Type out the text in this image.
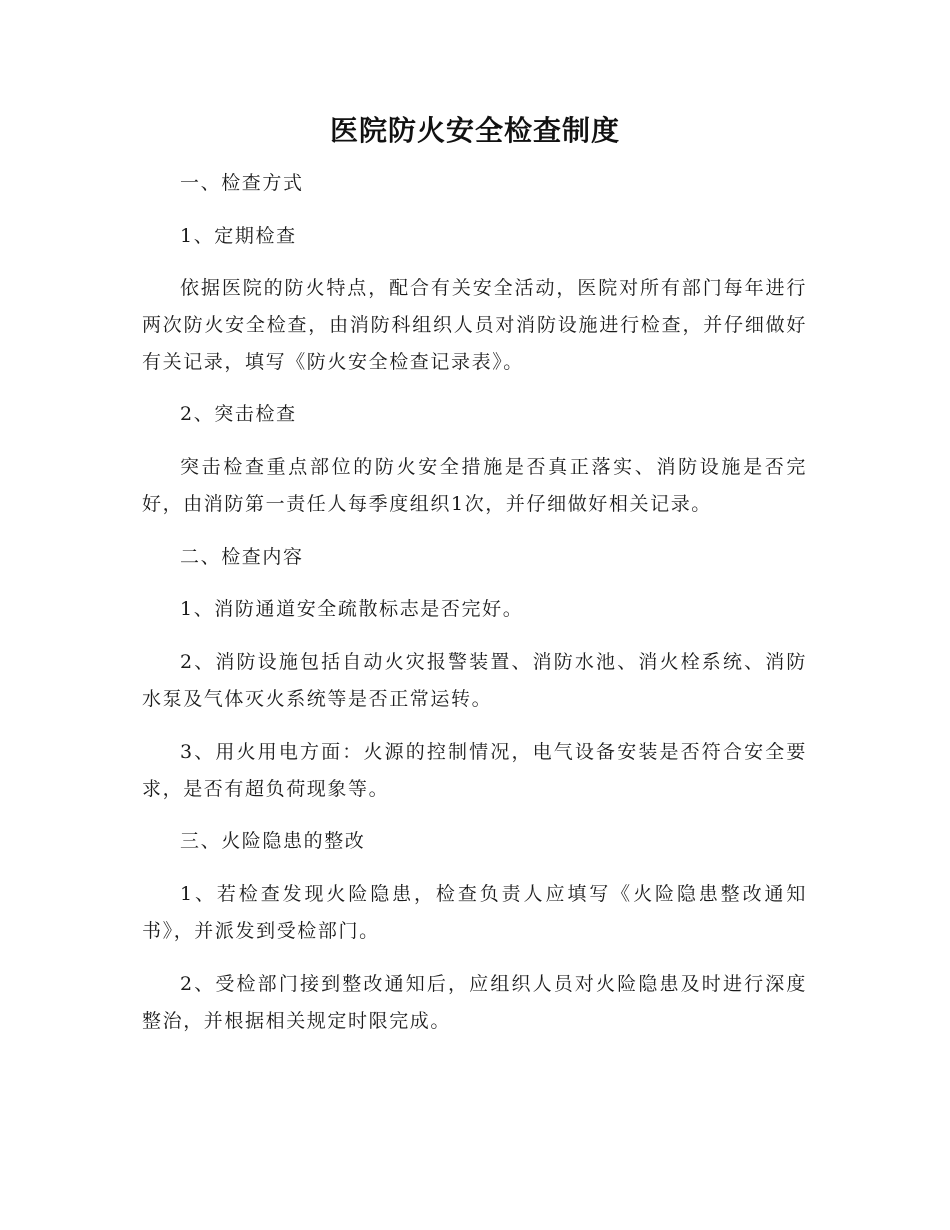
医院防火安全检查制度

一、检查方式

1、定期检查

依据医院的防火特点，配合有关安全活动，医院对所有部门每年进行两次防火安全检查，由消防科组织人员对消防设施进行检查，并仔细做好有关记录，填写《防火安全检查记录表》。

2、突击检查

突击检查重点部位的防火安全措施是否真正落实、消防设施是否完好，由消防第一责任人每季度组织1次，并仔细做好相关记录。

二、检查内容

1、消防通道安全疏散标志是否完好。

2、消防设施包括自动火灾报警装置、消防水池、消火栓系统、消防水泵及气体灭火系统等是否正常运转。

3、用火用电方面：火源的控制情况，电气设备安装是否符合安全要求，是否有超负荷现象等。

三、火险隐患的整改

1、若检查发现火险隐患，检查负责人应填写《火险隐患整改通知书》，并派发到受检部门。

2、受检部门接到整改通知后，应组织人员对火险隐患及时进行深度整治，并根据相关规定时限完成。
